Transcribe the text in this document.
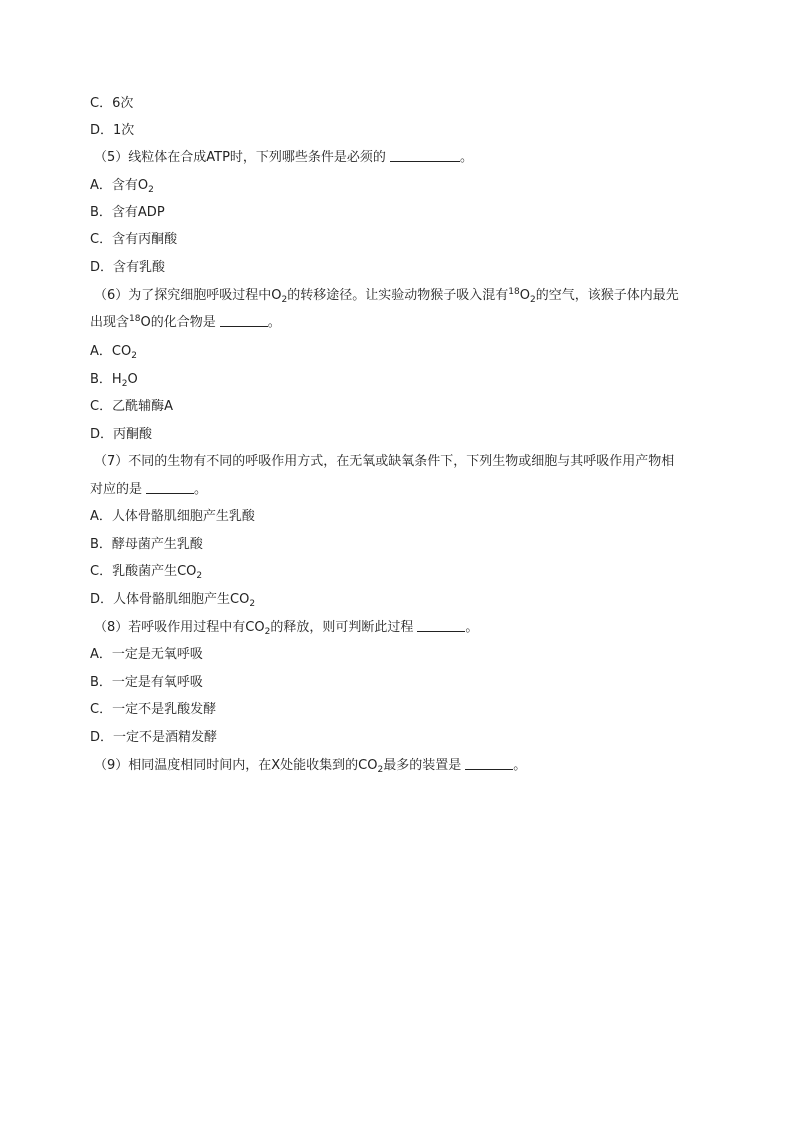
C．6次
D．1次
（5）线粒体在合成ATP时，下列哪些条件是必须的	。
A．含有$O_2$
B．含有ADP
C．含有丙酮酸
D．含有乳酸
（6）为了探究细胞呼吸过程中$O_2$的转移途径。让实验动物猴子吸入混有$^{18}O_2$的空气，该猴子体内最先
出现含$^{18}$O的化合物是	。
A．$CO_2$
B．$H_2O$
C．乙酰辅酶A
D．丙酮酸
（7）不同的生物有不同的呼吸作用方式，在无氧或缺氧条件下，下列生物或细胞与其呼吸作用产物相
对应的是	。
A．人体骨骼肌细胞产生乳酸
B．酵母菌产生乳酸
C．乳酸菌产生$CO_2$
D．人体骨骼肌细胞产生$CO_2$
（8）若呼吸作用过程中有$CO_2$的释放，则可判断此过程	。
A．一定是无氧呼吸
B．一定是有氧呼吸
C．一定不是乳酸发酵
D．一定不是酒精发酵
（9）相同温度相同时间内，在X处能收集到的$CO_2$最多的装置是	。
